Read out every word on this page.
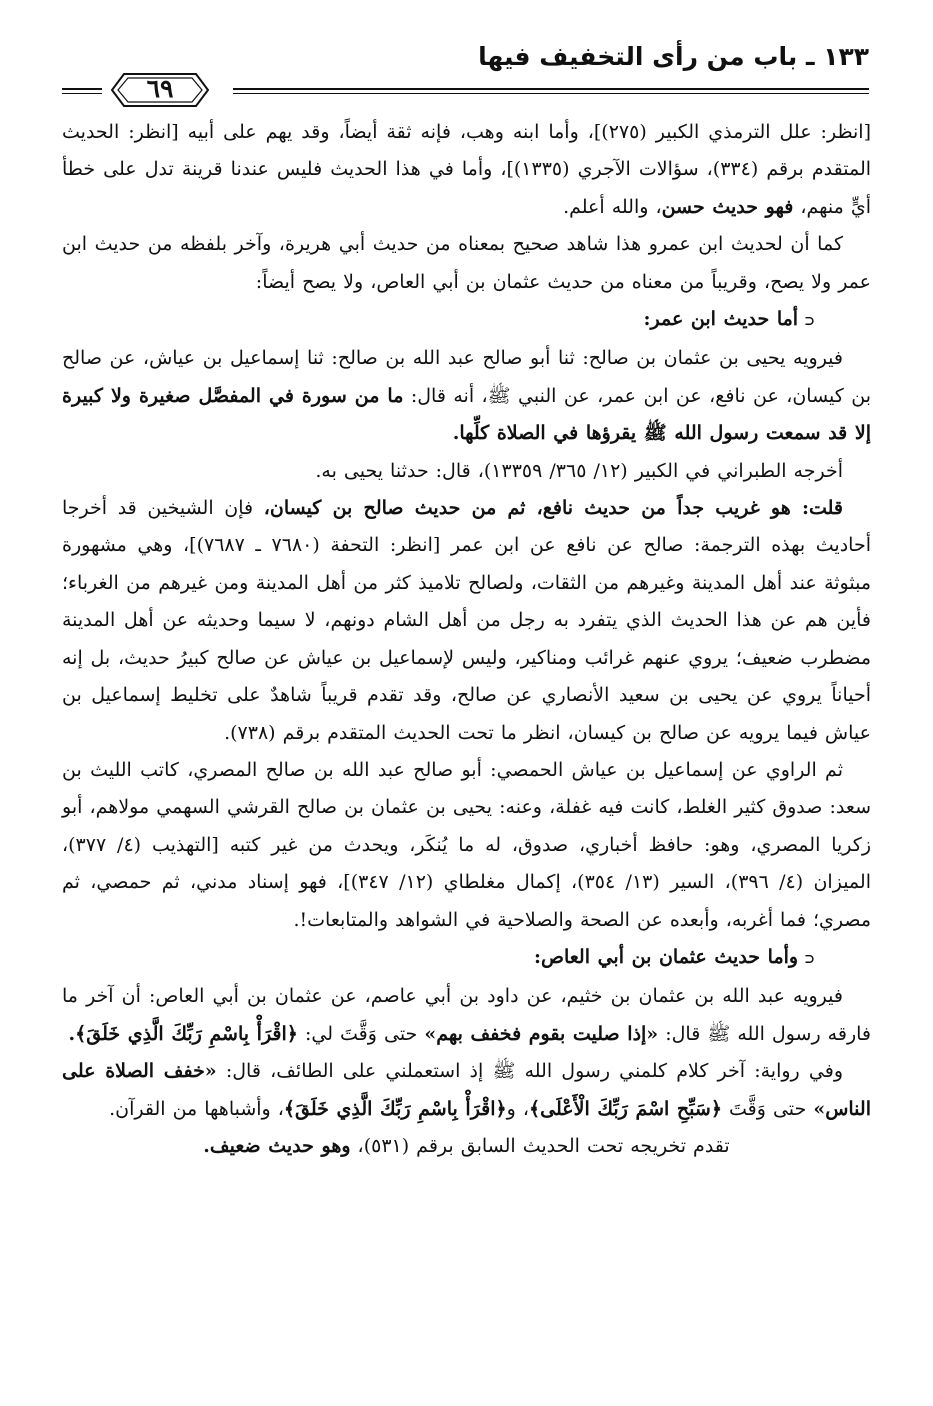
١٣٣ ـ باب من رأى التخفيف فيها
٦٩

[انظر: علل الترمذي الكبير (٢٧٥)]، وأما ابنه وهب، فإنه ثقة أيضاً، وقد يهم على أبيه [انظر: الحديث المتقدم برقم (٣٣٤)، سؤالات الآجري (١٣٣٥)]، وأما في هذا الحديث فليس عندنا قرينة تدل على خطأ أيٍّ منهم، فهو حديث حسن، والله أعلم.

كما أن لحديث ابن عمرو هذا شاهد صحيح بمعناه من حديث أبي هريرة، وآخر بلفظه من حديث ابن عمر ولا يصح، وقريباً من معناه من حديث عثمان بن أبي العاص، ولا يصح أيضاً:

⊂أما حديث ابن عمر:

فيرويه يحيى بن عثمان بن صالح: ثنا أبو صالح عبد الله بن صالح: ثنا إسماعيل بن عياش، عن صالح بن كيسان، عن نافع، عن ابن عمر، عن النبي ﷺ، أنه قال: ما من سورة في المفصَّل صغيرة ولا كبيرة إلا قد سمعت رسول الله ﷺ يقرؤها في الصلاة كلِّها.

أخرجه الطبراني في الكبير (١٢/ ٣٦٥/ ١٣٣٥٩)، قال: حدثنا يحيى به.

قلت: هو غريب جداً من حديث نافع، ثم من حديث صالح بن كيسان، فإن الشيخين قد أخرجا أحاديث بهذه الترجمة: صالح عن نافع عن ابن عمر [انظر: التحفة (٧٦٨٠ ـ ٧٦٨٧)]، وهي مشهورة مبثوثة عند أهل المدينة وغيرهم من الثقات، ولصالح تلاميذ كثر من أهل المدينة ومن غيرهم من الغرباء؛ فأين هم عن هذا الحديث الذي يتفرد به رجل من أهل الشام دونهم، لا سيما وحديثه عن أهل المدينة مضطرب ضعيف؛ يروي عنهم غرائب ومناكير، وليس لإسماعيل بن عياش عن صالح كبيرُ حديث، بل إنه أحياناً يروي عن يحيى بن سعيد الأنصاري عن صالح، وقد تقدم قريباً شاهدٌ على تخليط إسماعيل بن عياش فيما يرويه عن صالح بن كيسان، انظر ما تحت الحديث المتقدم برقم (٧٣٨).

ثم الراوي عن إسماعيل بن عياش الحمصي: أبو صالح عبد الله بن صالح المصري، كاتب الليث بن سعد: صدوق كثير الغلط، كانت فيه غفلة، وعنه: يحيى بن عثمان بن صالح القرشي السهمي مولاهم، أبو زكريا المصري، وهو: حافظ أخباري، صدوق، له ما يُنكَر، ويحدث من غير كتبه [التهذيب (٤/ ٣٧٧)، الميزان (٤/ ٣٩٦)، السير (١٣/ ٣٥٤)، إكمال مغلطاي (١٢/ ٣٤٧)]، فهو إسناد مدني، ثم حمصي، ثم مصري؛ فما أغربه، وأبعده عن الصحة والصلاحية في الشواهد والمتابعات!.

⊂وأما حديث عثمان بن أبي العاص:

فيرويه عبد الله بن عثمان بن خثيم، عن داود بن أبي عاصم، عن عثمان بن أبي العاص: أن آخر ما فارقه رسول الله ﷺ قال: «إذا صليت بقوم فخفف بهم» حتى وَقَّتَ لي: ﴿اقْرَأْ بِاسْمِ رَبِّكَ الَّذِي خَلَقَ﴾.

وفي رواية: آخر كلام كلمني رسول الله ﷺ إذ استعملني على الطائف، قال: «خفف الصلاة على الناس» حتى وَقَّتَ ﴿سَبِّحِ اسْمَ رَبِّكَ الْأَعْلَى﴾، و﴿اقْرَأْ بِاسْمِ رَبِّكَ الَّذِي خَلَقَ﴾، وأشباهها من القرآن.

تقدم تخريجه تحت الحديث السابق برقم (٥٣١)، وهو حديث ضعيف.
